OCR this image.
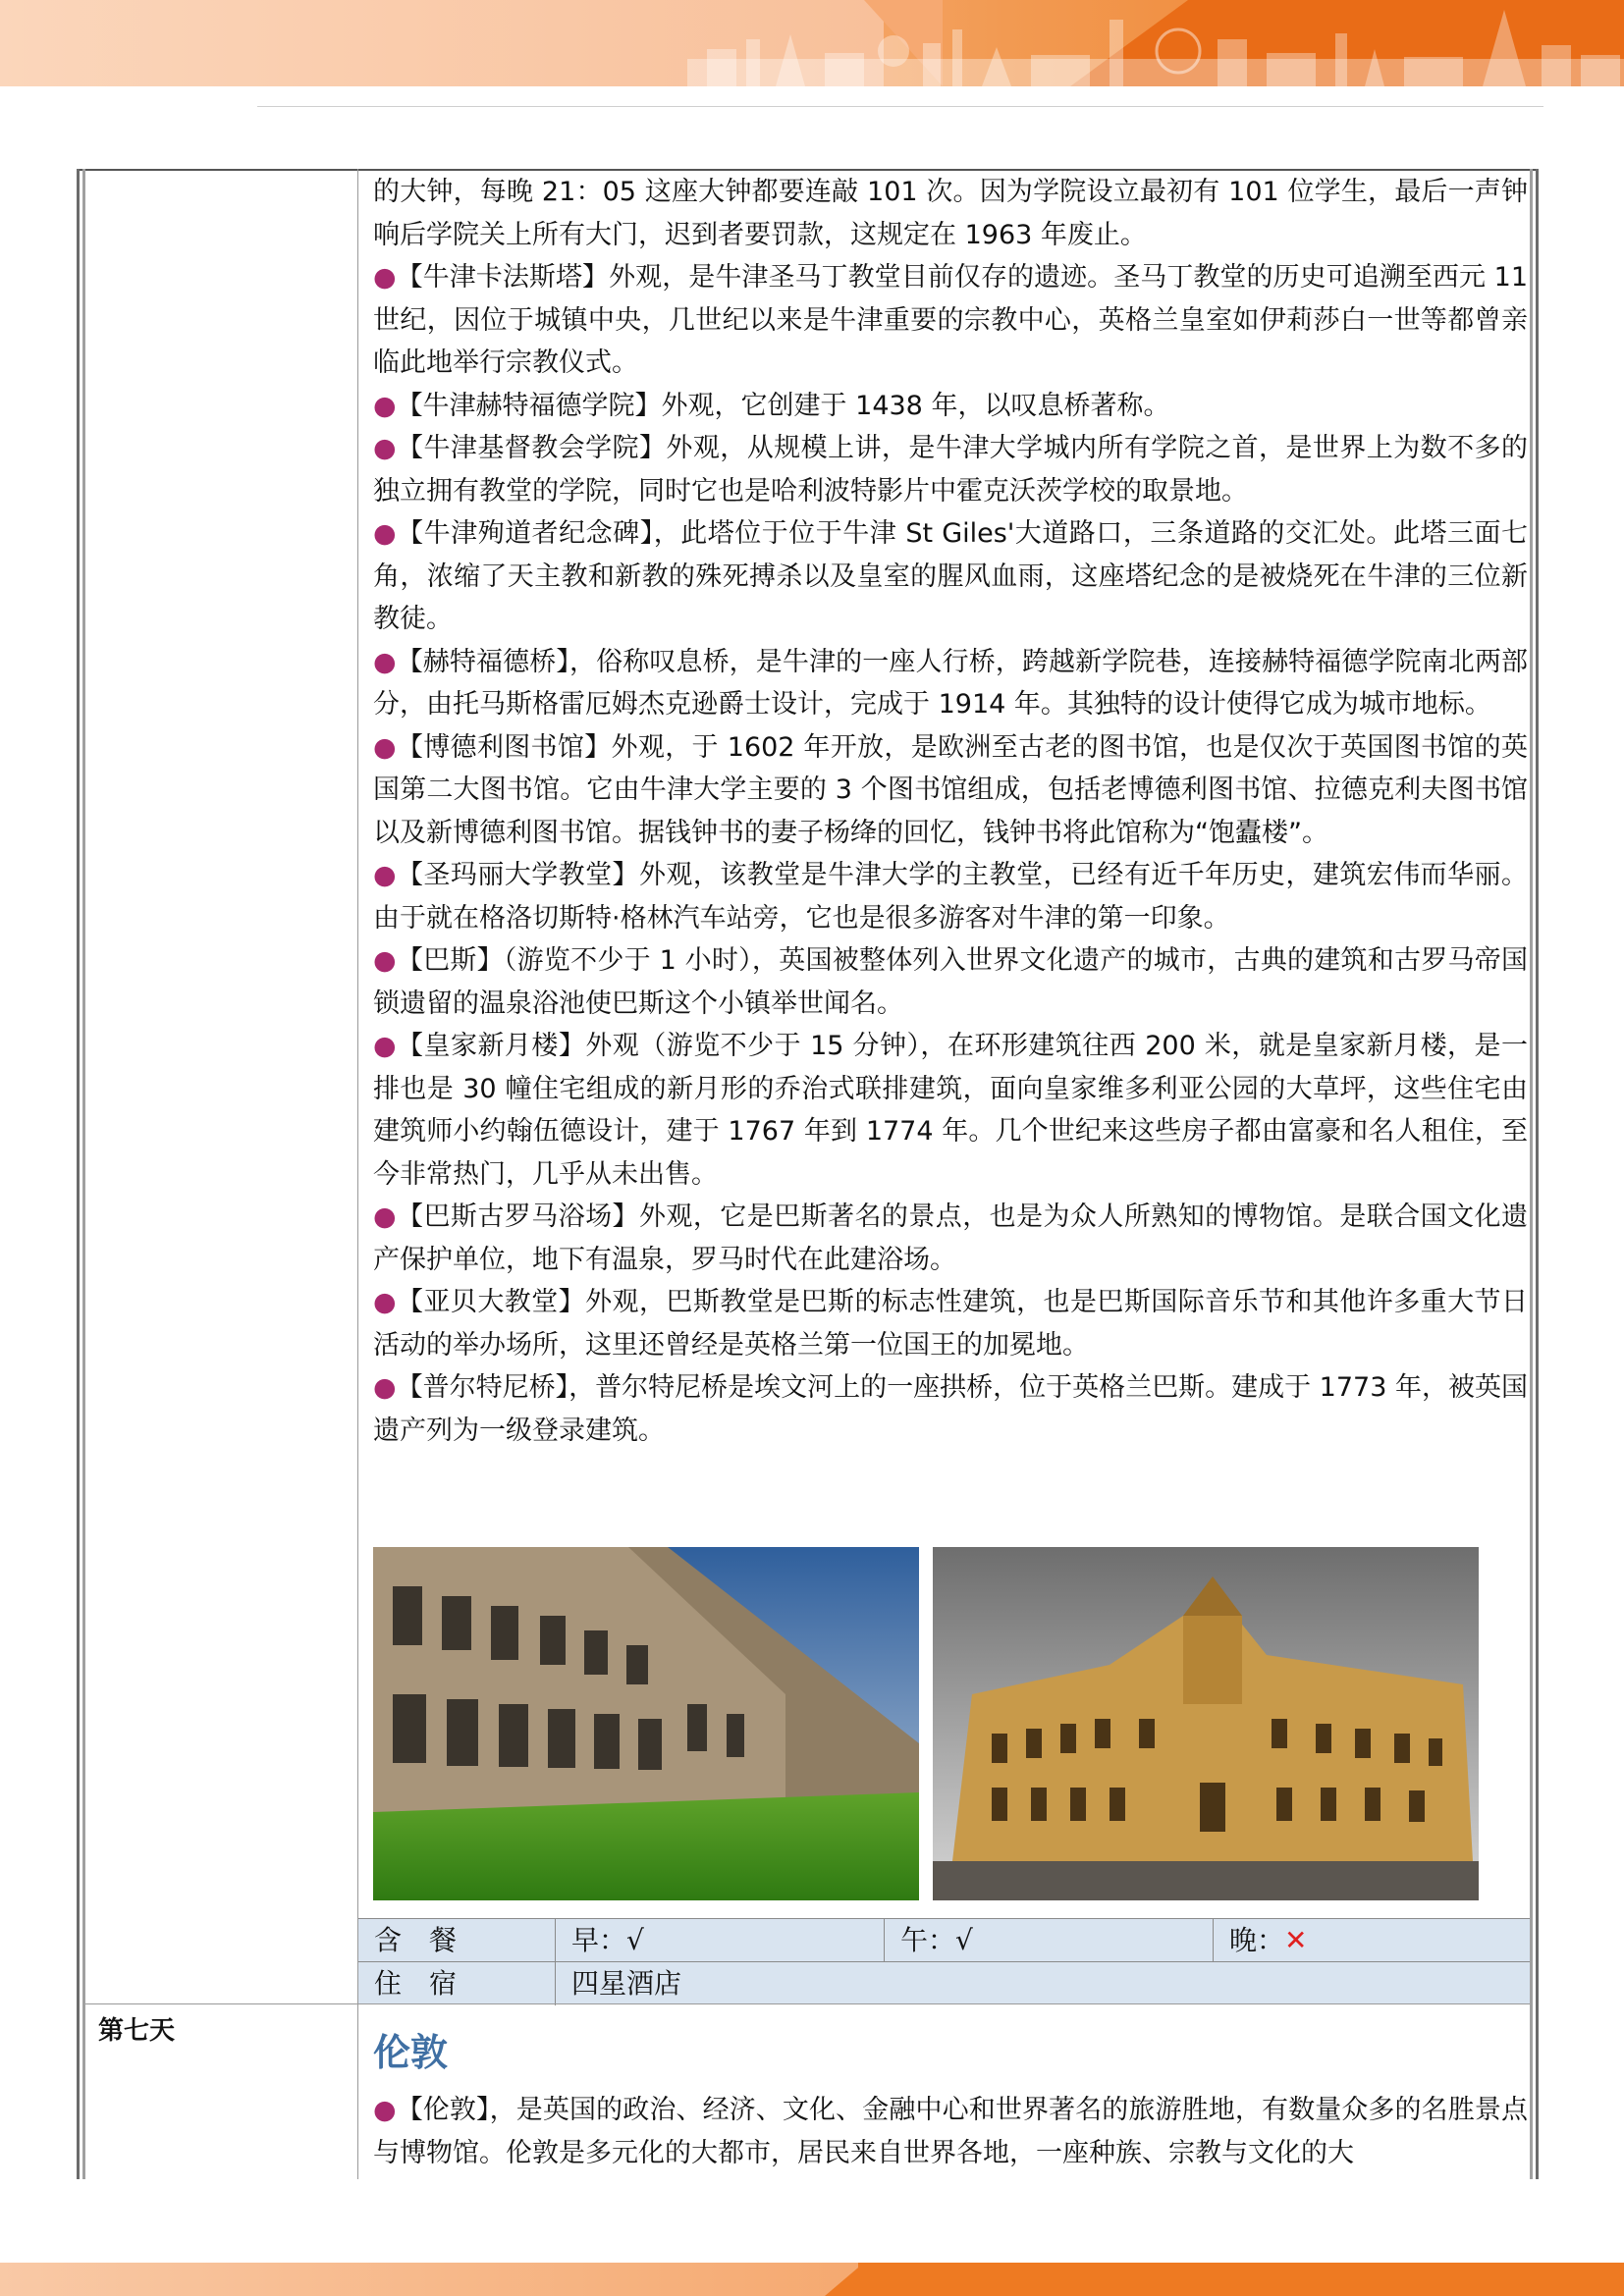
的大钟，每晚 21：05 这座大钟都要连敲 101 次。因为学院设立最初有 101 位学生，最后一声钟响后学院关上所有大门，迟到者要罚款，这规定在 1963 年废止。

●【牛津卡法斯塔】外观，是牛津圣马丁教堂目前仅存的遗迹。圣马丁教堂的历史可追溯至西元 11 世纪，因位于城镇中央，几世纪以来是牛津重要的宗教中心，英格兰皇室如伊莉莎白一世等都曾亲临此地举行宗教仪式。

●【牛津赫特福德学院】外观，它创建于 1438 年，以叹息桥著称。

●【牛津基督教会学院】外观，从规模上讲，是牛津大学城内所有学院之首，是世界上为数不多的独立拥有教堂的学院，同时它也是哈利波特影片中霍克沃茨学校的取景地。

●【牛津殉道者纪念碑】，此塔位于位于牛津 St Giles'大道路口，三条道路的交汇处。此塔三面七角，浓缩了天主教和新教的殊死搏杀以及皇室的腥风血雨，这座塔纪念的是被烧死在牛津的三位新教徒。

●【赫特福德桥】，俗称叹息桥，是牛津的一座人行桥，跨越新学院巷，连接赫特福德学院南北两部分，由托马斯格雷厄姆杰克逊爵士设计，完成于 1914 年。其独特的设计使得它成为城市地标。

●【博德利图书馆】外观，于 1602 年开放，是欧洲至古老的图书馆，也是仅次于英国图书馆的英国第二大图书馆。它由牛津大学主要的 3 个图书馆组成，包括老博德利图书馆、拉德克利夫图书馆以及新博德利图书馆。据钱钟书的妻子杨绛的回忆，钱钟书将此馆称为“饱蠹楼”。

●【圣玛丽大学教堂】外观，该教堂是牛津大学的主教堂，已经有近千年历史，建筑宏伟而华丽。由于就在格洛切斯特·格林汽车站旁，它也是很多游客对牛津的第一印象。

●【巴斯】（游览不少于 1 小时），英国被整体列入世界文化遗产的城市，古典的建筑和古罗马帝国锁遗留的温泉浴池使巴斯这个小镇举世闻名。

●【皇家新月楼】外观（游览不少于 15 分钟），在环形建筑往西 200 米，就是皇家新月楼，是一排也是 30 幢住宅组成的新月形的乔治式联排建筑，面向皇家维多利亚公园的大草坪，这些住宅由建筑师小约翰伍德设计，建于 1767 年到 1774 年。几个世纪来这些房子都由富豪和名人租住，至今非常热门，几乎从未出售。

●【巴斯古罗马浴场】外观，它是巴斯著名的景点，也是为众人所熟知的博物馆。是联合国文化遗产保护单位，地下有温泉，罗马时代在此建浴场。

●【亚贝大教堂】外观，巴斯教堂是巴斯的标志性建筑，也是巴斯国际音乐节和其他许多重大节日活动的举办场所，这里还曾经是英格兰第一位国王的加冕地。

●【普尔特尼桥】，普尔特尼桥是埃文河上的一座拱桥，位于英格兰巴斯。建成于 1773 年，被英国遗产列为一级登录建筑。

含　餐	早：√	午：√	晚：✕
住　宿	四星酒店
第七天	伦敦

●【伦敦】，是英国的政治、经济、文化、金融中心和世界著名的旅游胜地，有数量众多的名胜景点与博物馆。伦敦是多元化的大都市，居民来自世界各地，一座种族、宗教与文化的大
